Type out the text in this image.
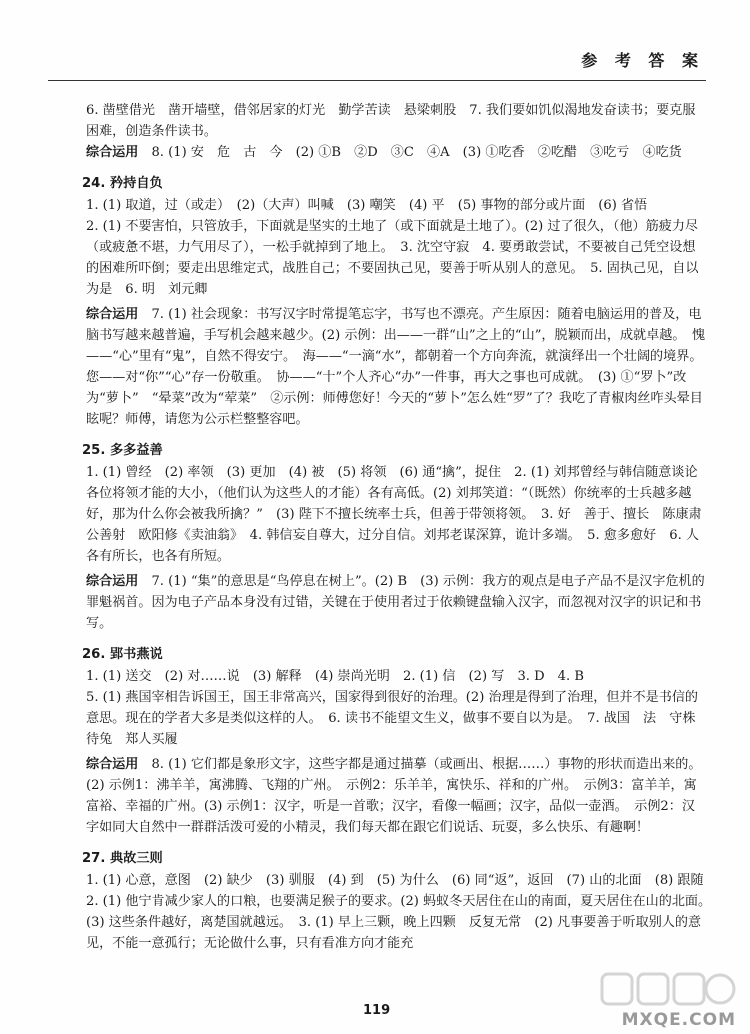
参 考 答 案

6. 凿壁借光　凿开墙壁，借邻居家的灯光　勤学苦读　悬梁刺股　7. 我们要如饥似渴地发奋读书；要克服困难，创造条件读书。

综合运用　 8. (1) 安　危　古　今　(2) ①B　②D　③C　④A　(3) ①吃香　②吃醋　③吃亏　④吃货

24. 矜持自负

1. (1) 取道，过（或走）　(2)（大声）叫喊　(3) 嘲笑　(4) 平　(5) 事物的部分或片面　(6) 省悟

2. (1) 不要害怕，只管放手，下面就是坚实的土地了（或下面就是土地了）。(2) 过了很久，（他）筋疲力尽（或疲惫不堪，力气用尽了），一松手就掉到了地上。　3. 沈空守寂　4. 要勇敢尝试，不要被自己凭空设想的困难所吓倒；要走出思维定式，战胜自己；不要固执己见，要善于听从别人的意见。　5. 固执己见，自以为是　6. 明　刘元卿

综合运用　 7. (1) 社会现象：书写汉字时常提笔忘字，书写也不漂亮。产生原因：随着电脑运用的普及，电脑书写越来越普遍，手写机会越来越少。(2) 示例：出——一群“山”之上的“山”，脱颖而出，成就卓越。　愧——“心”里有“鬼”，自然不得安宁。　海——“一滴“水”，都朝着一个方向奔流，就演绎出一个壮阔的境界。　您——对“你”“心”存一份敬重。　协——“十”个人齐心“办”一件事，再大之事也可成就。　(3) ①“罗卜”改为“萝卜”　“晕菜”改为“荤菜”　②示例：师傅您好！今天的“萝卜”怎么姓“罗”了？我吃了青椒肉丝咋头晕目眩呢？师傅，请您为公示栏整整容吧。

25. 多多益善

1. (1) 曾经　(2) 率领　(3) 更加　(4) 被　(5) 将领　(6) 通“擒”，捉住　2. (1) 刘邦曾经与韩信随意谈论各位将领才能的大小，（他们认为这些人的才能）各有高低。(2) 刘邦笑道：“（既然）你统率的士兵越多越好，那为什么你会被我所擒？”　(3) 陛下不擅长统率士兵，但善于带领将领。　3. 好　善于、擅长　陈康肃公善射　欧阳修《卖油翁》　4. 韩信妄自尊大，过分自信。刘邦老谋深算，诡计多端。　5. 愈多愈好　6. 人各有所长，也各有所短。

综合运用　 7. (1) “集”的意思是“鸟停息在树上”。(2) B　(3) 示例：我方的观点是电子产品不是汉字危机的罪魁祸首。因为电子产品本身没有过错，关键在于使用者过于依赖键盘输入汉字，而忽视对汉字的识记和书写。

26. 郢书燕说

1. (1) 送交　(2) 对……说　(3) 解释　(4) 崇尚光明　2. (1) 信　(2) 写　3. D　4. B

5. (1) 燕国宰相告诉国王，国王非常高兴，国家得到很好的治理。(2) 治理是得到了治理，但并不是书信的意思。现在的学者大多是类似这样的人。　6. 读书不能望文生义，做事不要自以为是。　7. 战国　法　守株待兔　郑人买履

综合运用　 8. (1) 它们都是象形文字，这些字都是通过描摹（或画出、根据……）事物的形状而造出来的。(2) 示例1：沸羊羊，寓沸腾、飞翔的广州。　示例2：乐羊羊，寓快乐、祥和的广州。　示例3：富羊羊，寓富裕、幸福的广州。(3) 示例1：汉字，听是一首歌；汉字，看像一幅画；汉字，品似一壶酒。　示例2：汉字如同大自然中一群群活泼可爱的小精灵，我们每天都在跟它们说话、玩耍，多么快乐、有趣啊！

27. 典故三则

1. (1) 心意，意图　(2) 缺少　(3) 驯服　(4) 到　(5) 为什么　(6) 同“返”，返回　(7) 山的北面　(8) 跟随　2. (1) 他宁肯减少家人的口粮，也要满足猴子的要求。(2) 蚂蚁冬天居住在山的南面，夏天居住在山的北面。　(3) 这些条件越好，离楚国就越远。　3. (1) 早上三颗，晚上四颗　反复无常　(2) 凡事要善于听取别人的意见，不能一意孤行；无论做什么事，只有看准方向才能充

119	MXQE.COM
